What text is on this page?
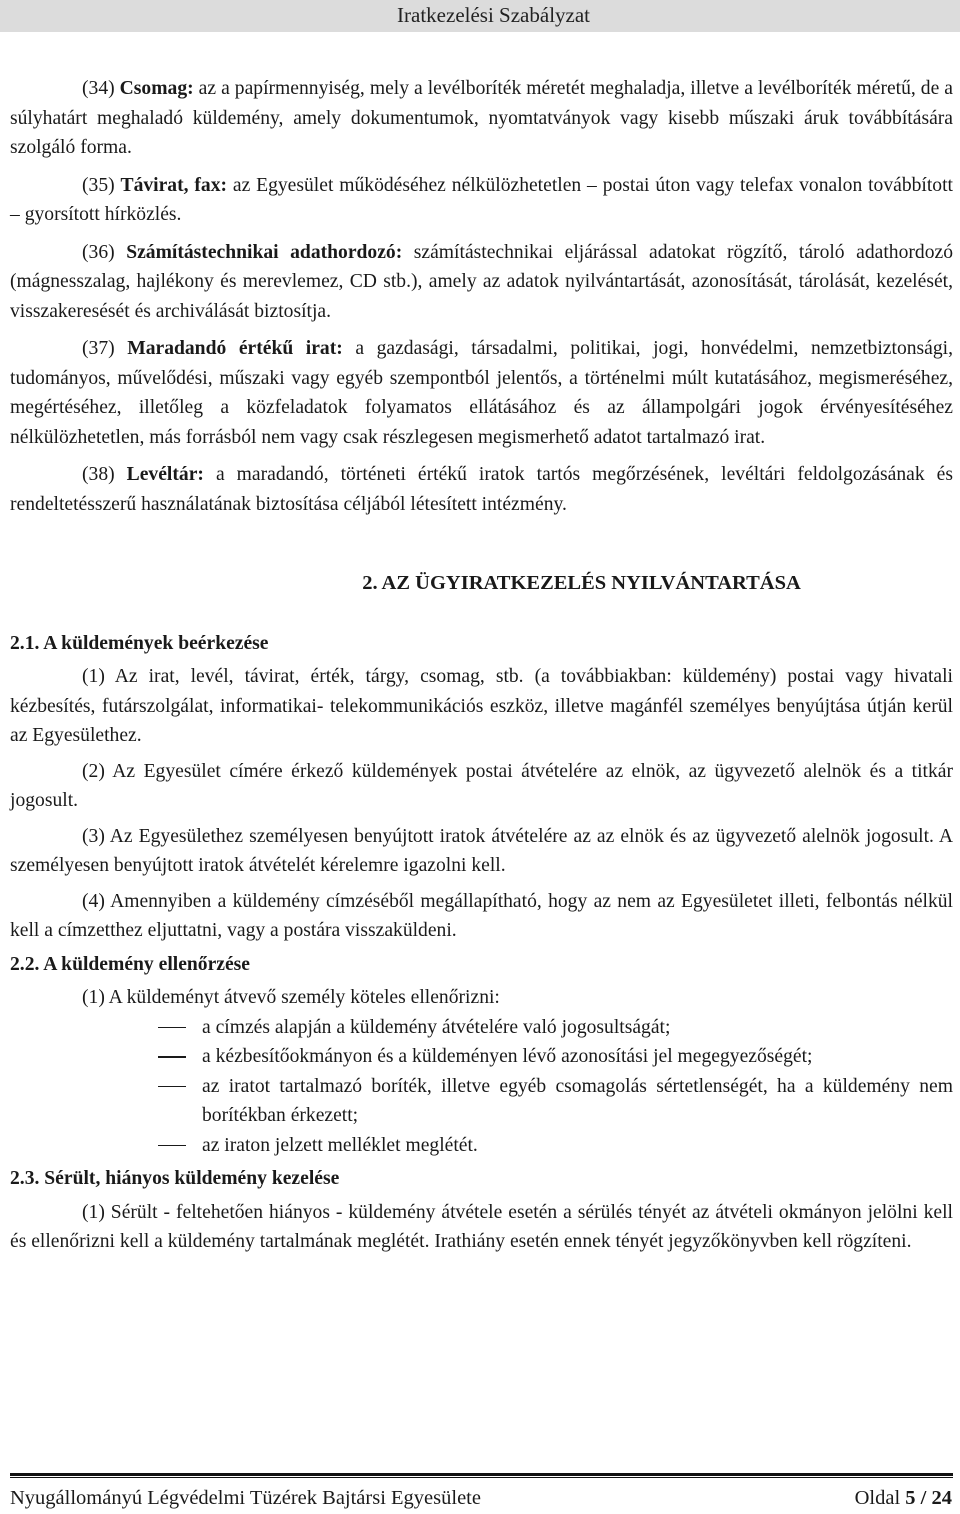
Iratkezelési Szabályzat

(34) Csomag: az a papírmennyiség, mely a levélboríték méretét meghaladja, illetve a levélboríték méretű, de a súlyhatárt meghaladó küldemény, amely dokumentumok, nyomtatványok vagy kisebb műszaki áruk továbbítására szolgáló forma.

(35) Távirat, fax: az Egyesület működéséhez nélkülözhetetlen – postai úton vagy telefax vonalon továbbított – gyorsított hírközlés.

(36) Számítástechnikai adathordozó: számítástechnikai eljárással adatokat rögzítő, tároló adathordozó (mágnesszalag, hajlékony és merevlemez, CD stb.), amely az adatok nyilvántartását, azonosítását, tárolását, kezelését, visszakeresését és archiválását biztosítja.

(37) Maradandó értékű irat: a gazdasági, társadalmi, politikai, jogi, honvédelmi, nemzetbiztonsági, tudományos, művelődési, műszaki vagy egyéb szempontból jelentős, a történelmi múlt kutatásához, megismeréséhez, megértéséhez, illetőleg a közfeladatok folyamatos ellátásához és az állampolgári jogok érvényesítéséhez nélkülözhetetlen, más forrásból nem vagy csak részlegesen megismerhető adatot tartalmazó irat.

(38) Levéltár: a maradandó, történeti értékű iratok tartós megőrzésének, levéltári feldolgozásának és rendeltetésszerű használatának biztosítása céljából létesített intézmény.

2. AZ ÜGYIRATKEZELÉS NYILVÁNTARTÁSA
2.1. A küldemények beérkezése

(1) Az irat, levél, távirat, érték, tárgy, csomag, stb. (a továbbiakban: küldemény) postai vagy hivatali kézbesítés, futárszolgálat, informatikai- telekommunikációs eszköz, illetve magánfél személyes benyújtása útján kerül az Egyesülethez.

(2) Az Egyesület címére érkező küldemények postai átvételére az elnök, az ügyvezető alelnök és a titkár jogosult.

(3) Az Egyesülethez személyesen benyújtott iratok átvételére az az elnök és az ügyvezető alelnök jogosult. A személyesen benyújtott iratok átvételét kérelemre igazolni kell.

(4) Amennyiben a küldemény címzéséből megállapítható, hogy az nem az Egyesületet illeti, felbontás nélkül kell a címzetthez eljuttatni, vagy a postára visszaküldeni.

2.2. A küldemény ellenőrzése

(1) A küldeményt átvevő személy köteles ellenőrizni:

a címzés alapján a küldemény átvételére való jogosultságát;
a kézbesítőokmányon és a küldeményen lévő azonosítási jel megegyezőségét;
az iratot tartalmazó boríték, illetve egyéb csomagolás sértetlenségét, ha a küldemény nem borítékban érkezett;
az iraton jelzett melléklet meglétét.
2.3. Sérült, hiányos küldemény kezelése

(1) Sérült - feltehetően hiányos - küldemény átvétele esetén a sérülés tényét az átvételi okmányon jelölni kell és ellenőrizni kell a küldemény tartalmának meglétét. Irathiány esetén ennek tényét jegyzőkönyvben kell rögzíteni.

Nyugállományú Légvédelmi Tüzérek Bajtársi Egyesülete	Oldal 5 / 24
